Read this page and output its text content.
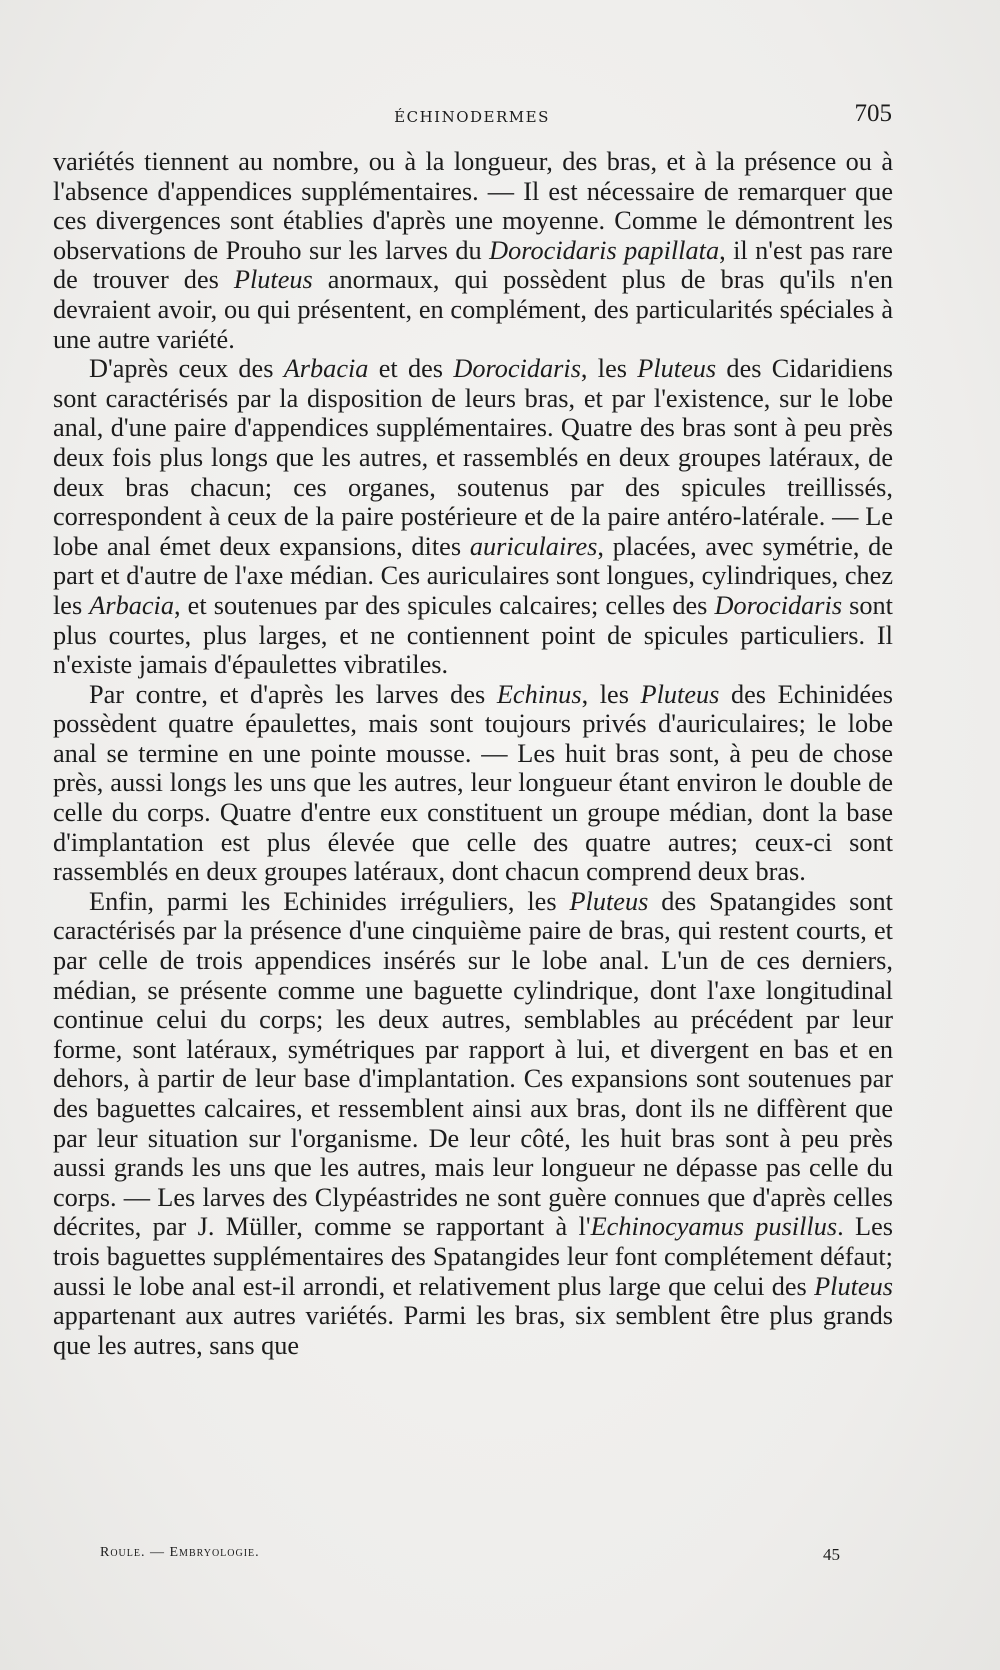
ÉCHINODERMES	705

variétés tiennent au nombre, ou à la longueur, des bras, et à la présence ou à l'absence d'appendices supplémentaires. — Il est nécessaire de remarquer que ces divergences sont établies d'après une moyenne. Comme le démontrent les observations de Prouho sur les larves du Dorocidaris papillata, il n'est pas rare de trouver des Pluteus anormaux, qui possèdent plus de bras qu'ils n'en devraient avoir, ou qui présentent, en complément, des particularités spéciales à une autre variété.

D'après ceux des Arbacia et des Dorocidaris, les Pluteus des Cidaridiens sont caractérisés par la disposition de leurs bras, et par l'existence, sur le lobe anal, d'une paire d'appendices supplémentaires. Quatre des bras sont à peu près deux fois plus longs que les autres, et rassemblés en deux groupes latéraux, de deux bras chacun; ces organes, soutenus par des spicules treillissés, correspondent à ceux de la paire postérieure et de la paire antéro-latérale. — Le lobe anal émet deux expansions, dites auriculaires, placées, avec symétrie, de part et d'autre de l'axe médian. Ces auriculaires sont longues, cylindriques, chez les Arbacia, et soutenues par des spicules calcaires; celles des Dorocidaris sont plus courtes, plus larges, et ne contiennent point de spicules particuliers. Il n'existe jamais d'épaulettes vibratiles.

Par contre, et d'après les larves des Echinus, les Pluteus des Echinidées possèdent quatre épaulettes, mais sont toujours privés d'auriculaires; le lobe anal se termine en une pointe mousse. — Les huit bras sont, à peu de chose près, aussi longs les uns que les autres, leur longueur étant environ le double de celle du corps. Quatre d'entre eux constituent un groupe médian, dont la base d'implantation est plus élevée que celle des quatre autres; ceux-ci sont rassemblés en deux groupes latéraux, dont chacun comprend deux bras.

Enfin, parmi les Echinides irréguliers, les Pluteus des Spatangides sont caractérisés par la présence d'une cinquième paire de bras, qui restent courts, et par celle de trois appendices insérés sur le lobe anal. L'un de ces derniers, médian, se présente comme une baguette cylindrique, dont l'axe longitudinal continue celui du corps; les deux autres, semblables au précédent par leur forme, sont latéraux, symétriques par rapport à lui, et divergent en bas et en dehors, à partir de leur base d'implantation. Ces expansions sont soutenues par des baguettes calcaires, et ressemblent ainsi aux bras, dont ils ne diffèrent que par leur situation sur l'organisme. De leur côté, les huit bras sont à peu près aussi grands les uns que les autres, mais leur longueur ne dépasse pas celle du corps. — Les larves des Clypéastrides ne sont guère connues que d'après celles décrites, par J. Müller, comme se rapportant à l'Echinocyamus pusillus. Les trois baguettes supplémentaires des Spatangides leur font complétement défaut; aussi le lobe anal est-il arrondi, et relativement plus large que celui des Pluteus appartenant aux autres variétés. Parmi les bras, six semblent être plus grands que les autres, sans que

Roule. — Embryologie.	45
